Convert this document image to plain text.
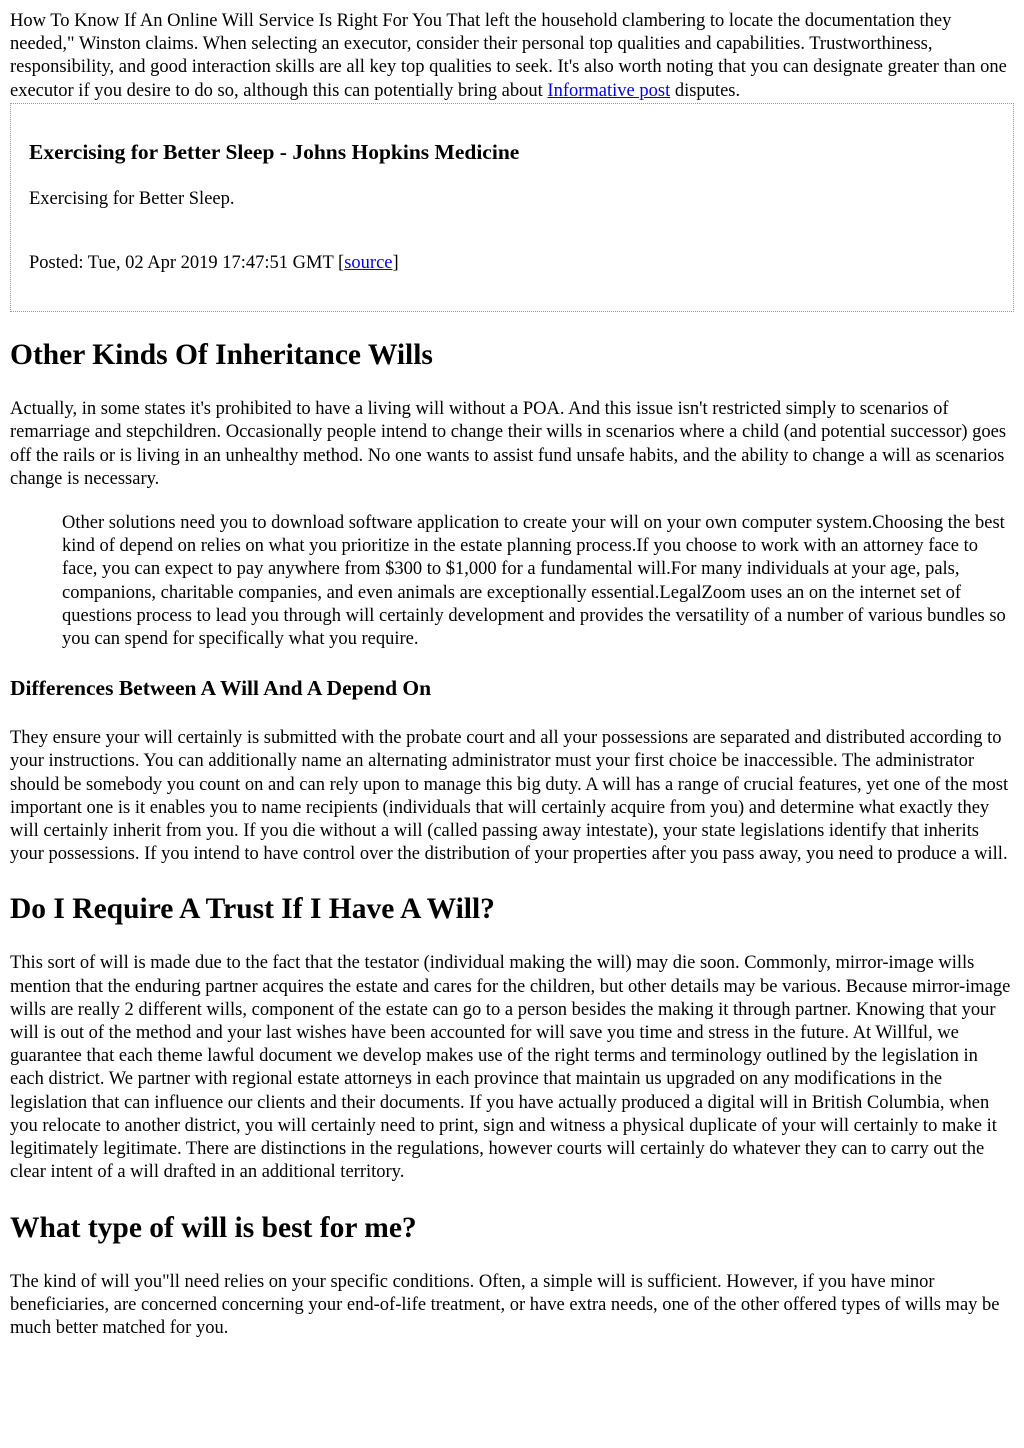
How To Know If An Online Will Service Is Right For You That left the household clambering to locate the documentation they needed," Winston claims. When selecting an executor, consider their personal top qualities and capabilities. Trustworthiness, responsibility, and good interaction skills are all key top qualities to seek. It's also worth noting that you can designate greater than one executor if you desire to do so, although this can potentially bring about Informative post disputes.

Exercising for Better Sleep - Johns Hopkins Medicine

Exercising for Better Sleep.

Posted: Tue, 02 Apr 2019 17:47:51 GMT [source]

Other Kinds Of Inheritance Wills

Actually, in some states it's prohibited to have a living will without a POA. And this issue isn't restricted simply to scenarios of remarriage and stepchildren. Occasionally people intend to change their wills in scenarios where a child (and potential successor) goes off the rails or is living in an unhealthy method. No one wants to assist fund unsafe habits, and the ability to change a will as scenarios change is necessary.

Other solutions need you to download software application to create your will on your own computer system.Choosing the best kind of depend on relies on what you prioritize in the estate planning process.If you choose to work with an attorney face to face, you can expect to pay anywhere from $300 to $1,000 for a fundamental will.For many individuals at your age, pals, companions, charitable companies, and even animals are exceptionally essential.LegalZoom uses an on the internet set of questions process to lead you through will certainly development and provides the versatility of a number of various bundles so you can spend for specifically what you require.
Differences Between A Will And A Depend On

They ensure your will certainly is submitted with the probate court and all your possessions are separated and distributed according to your instructions. You can additionally name an alternating administrator must your first choice be inaccessible. The administrator should be somebody you count on and can rely upon to manage this big duty. A will has a range of crucial features, yet one of the most important one is it enables you to name recipients (individuals that will certainly acquire from you) and determine what exactly they will certainly inherit from you. If you die without a will (called passing away intestate), your state legislations identify that inherits your possessions. If you intend to have control over the distribution of your properties after you pass away, you need to produce a will.

Do I Require A Trust If I Have A Will?

This sort of will is made due to the fact that the testator (individual making the will) may die soon. Commonly, mirror-image wills mention that the enduring partner acquires the estate and cares for the children, but other details may be various. Because mirror-image wills are really 2 different wills, component of the estate can go to a person besides the making it through partner. Knowing that your will is out of the method and your last wishes have been accounted for will save you time and stress in the future. At Willful, we guarantee that each theme lawful document we develop makes use of the right terms and terminology outlined by the legislation in each district. We partner with regional estate attorneys in each province that maintain us upgraded on any modifications in the legislation that can influence our clients and their documents. If you have actually produced a digital will in British Columbia, when you relocate to another district, you will certainly need to print, sign and witness a physical duplicate of your will certainly to make it legitimately legitimate. There are distinctions in the regulations, however courts will certainly do whatever they can to carry out the clear intent of a will drafted in an additional territory.

What type of will is best for me?

The kind of will you"ll need relies on your specific conditions. Often, a simple will is sufficient. However, if you have minor beneficiaries, are concerned concerning your end-of-life treatment, or have extra needs, one of the other offered types of wills may be much better matched for you.
